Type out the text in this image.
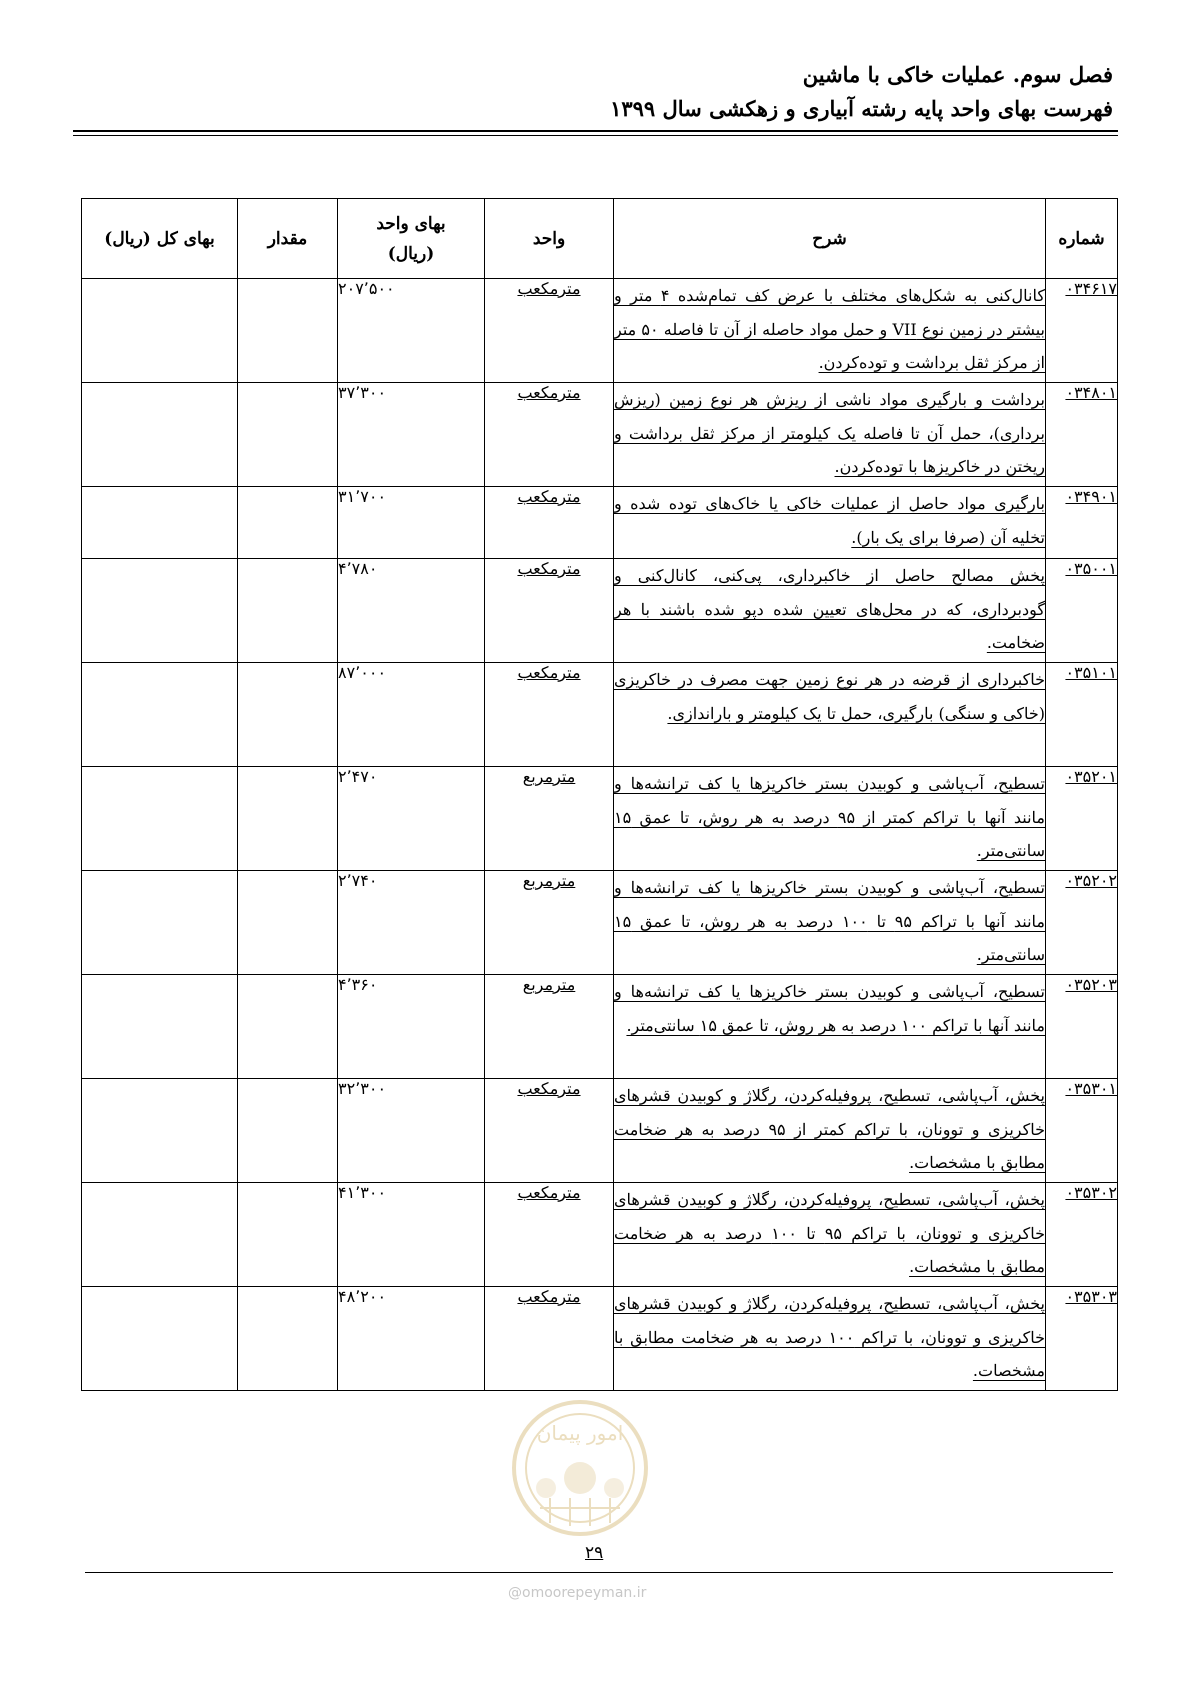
فصل سوم. عملیات خاکی با ماشین
فهرست بهای واحد پایه رشته آبیاری و زهکشی سال ۱۳۹۹
شماره	شرح	واحد	بهای واحد (ریال)	مقدار	بهای کل (ریال)
۰۳۴۶۱۷	کانال‌کنی به شکل‌های مختلف با عرض کف تمام‌شده ۴ متر و بیشتر در زمین نوع VII و حمل مواد حاصله از آن تا فاصله ۵۰ متر از مرکز ثقل برداشت و توده‌کردن.	مترمکعب	۲۰۷٬۵۰۰		
۰۳۴۸۰۱	برداشت و بارگیری مواد ناشی از ریزش هر نوع زمین (ریزش برداری)، حمل آن تا فاصله یک کیلومتر از مرکز ثقل برداشت و ریختن در خاکریزها با توده‌کردن.	مترمکعب	۳۷٬۳۰۰		
۰۳۴۹۰۱	بارگیری مواد حاصل از عملیات خاکی یا خاک‌های توده شده و تخلیه آن (صرفا برای یک بار).	مترمکعب	۳۱٬۷۰۰		
۰۳۵۰۰۱	پخش مصالح حاصل از خاکبرداری، پی‌کنی، کانال‌کنی و گودبرداری، که در محل‌های تعیین شده دپو شده باشند با هر ضخامت.	مترمکعب	۴٬۷۸۰		
۰۳۵۱۰۱	خاکبرداری از قرضه در هر نوع زمین جهت مصرف در خاکریزی (خاکی و سنگی) بارگیری، حمل تا یک کیلومتر و باراندازی.	مترمکعب	۸۷٬۰۰۰		
۰۳۵۲۰۱	تسطیح، آب‌پاشی و کوبیدن بستر خاکریزها یا کف ترانشه‌ها و مانند آنها با تراکم کمتر از ۹۵ درصد به هر روش، تا عمق ۱۵ سانتی‌متر.	مترمربع	۲٬۴۷۰		
۰۳۵۲۰۲	تسطیح، آب‌پاشی و کوبیدن بستر خاکریزها یا کف ترانشه‌ها و مانند آنها با تراکم ۹۵ تا ۱۰۰ درصد به هر روش، تا عمق ۱۵ سانتی‌متر.	مترمربع	۲٬۷۴۰		
۰۳۵۲۰۳	تسطیح، آب‌پاشی و کوبیدن بستر خاکریزها یا کف ترانشه‌ها و مانند آنها با تراکم ۱۰۰ درصد به هر روش، تا عمق ۱۵ سانتی‌متر.	مترمربع	۴٬۳۶۰		
۰۳۵۳۰۱	پخش، آب‌پاشی، تسطیح، پروفیله‌کردن، رگلاژ و کوبیدن قشرهای خاکریزی و توونان، با تراکم کمتر از ۹۵ درصد به هر ضخامت مطابق با مشخصات.	مترمکعب	۳۲٬۳۰۰		
۰۳۵۳۰۲	پخش، آب‌پاشی، تسطیح، پروفیله‌کردن، رگلاژ و کوبیدن قشرهای خاکریزی و توونان، با تراکم ۹۵ تا ۱۰۰ درصد به هر ضخامت مطابق با مشخصات.	مترمکعب	۴۱٬۳۰۰		
۰۳۵۳۰۳	پخش، آب‌پاشی، تسطیح، پروفیله‌کردن، رگلاژ و کوبیدن قشرهای خاکریزی و توونان، با تراکم ۱۰۰ درصد به هر ضخامت مطابق با مشخصات.	مترمکعب	۴۸٬۲۰۰		
امور پیمان
۲۹
@omoorepeyman.ir
